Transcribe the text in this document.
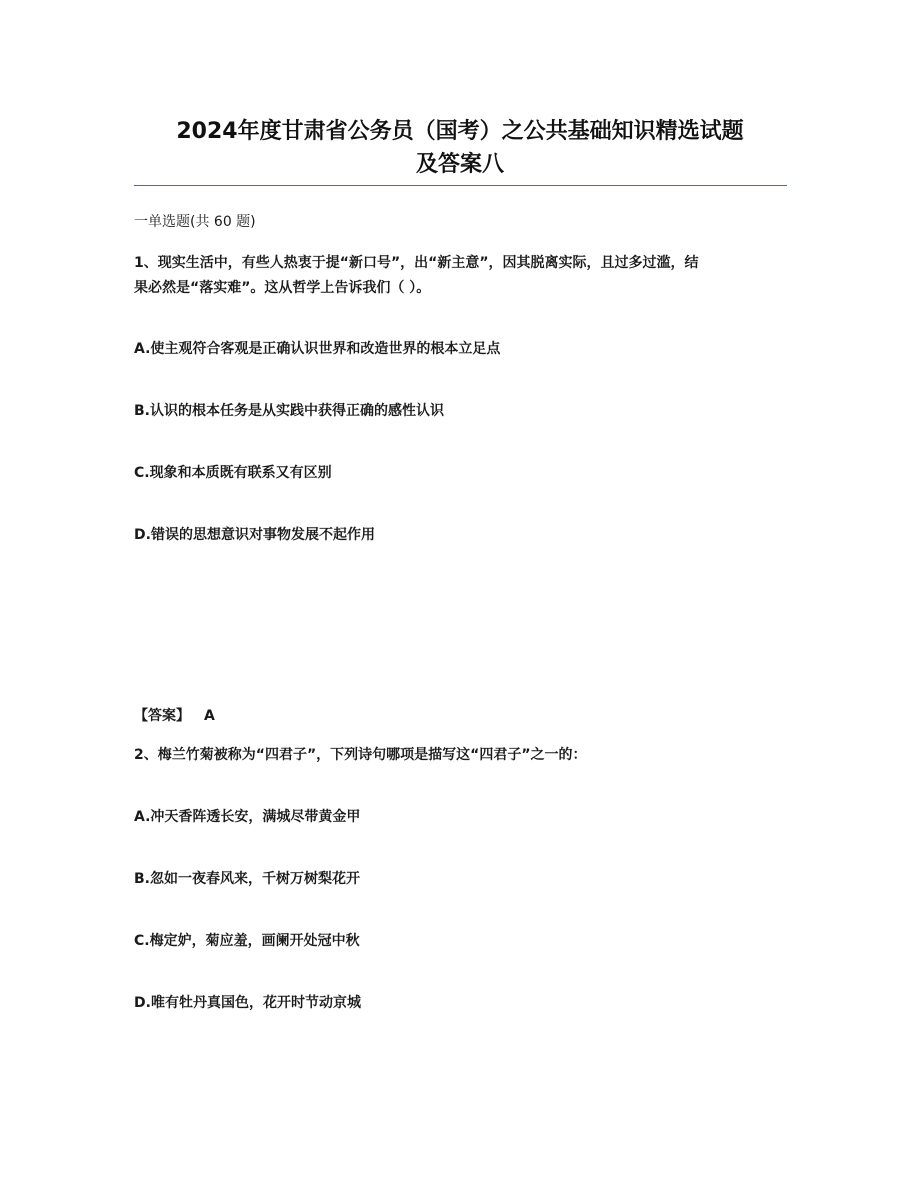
2024年度甘肃省公务员（国考）之公共基础知识精选试题
及答案八

一单选题(共 60 题)

1、现实生活中，有些人热衷于提“新口号”，出“新主意”，因其脱离实际，且过多过滥，结

果必然是“落实难”。这从哲学上告诉我们（ ）。

A.使主观符合客观是正确认识世界和改造世界的根本立足点

B.认识的根本任务是从实践中获得正确的感性认识

C.现象和本质既有联系又有区别

D.错误的思想意识对事物发展不起作用

【答案】 A

2、梅兰竹菊被称为“四君子”，下列诗句哪项是描写这“四君子”之一的：

A.冲天香阵透长安，满城尽带黄金甲

B.忽如一夜春风来，千树万树梨花开

C.梅定妒，菊应羞，画阑开处冠中秋

D.唯有牡丹真国色，花开时节动京城
